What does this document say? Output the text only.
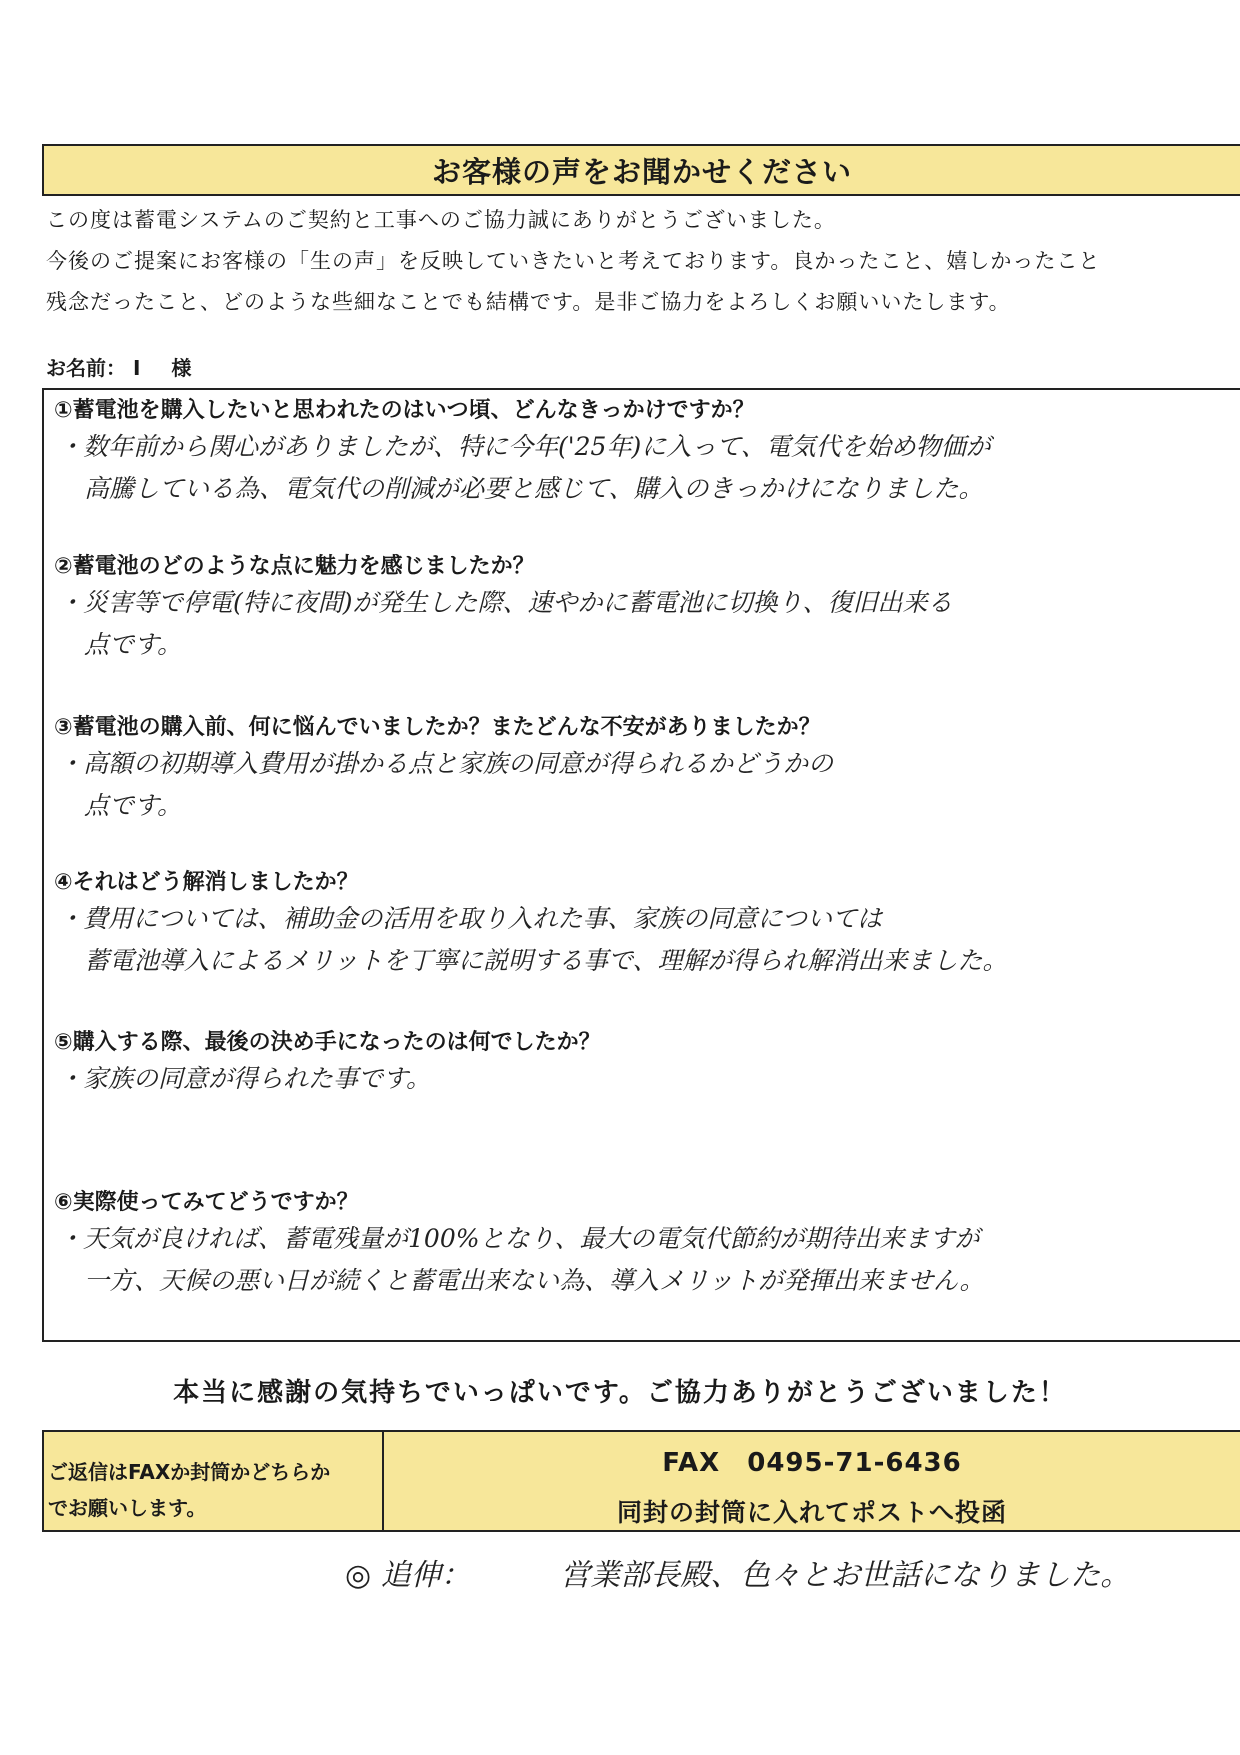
お客様の声をお聞かせください
この度は蓄電システムのご契約と工事へのご協力誠にありがとうございました。
今後のご提案にお客様の「生の声」を反映していきたいと考えております。良かったこと、嬉しかったこと
残念だったこと、どのような些細なことでも結構です。是非ご協力をよろしくお願いいたします。
お名前： I 様
①蓄電池を購入したいと思われたのはいつ頃、どんなきっかけですか？
・ 数年前から関心がありましたが、特に今年('25年)に入って、電気代を始め物価が
高騰している為、電気代の削減が必要と感じて、購入のきっかけになりました。
②蓄電池のどのような点に魅力を感じましたか？
・ 災害等で停電(特に夜間)が発生した際、速やかに蓄電池に切換り、復旧出来る
点です。
③蓄電池の購入前、何に悩んでいましたか？またどんな不安がありましたか？
・ 高額の初期導入費用が掛かる点と家族の同意が得られるかどうかの
点です。
④それはどう解消しましたか？
・ 費用については、補助金の活用を取り入れた事、家族の同意については
蓄電池導入によるメリットを丁寧に説明する事で、理解が得られ解消出来ました。
⑤購入する際、最後の決め手になったのは何でしたか？
・ 家族の同意が得られた事です。
⑥実際使ってみてどうですか？
・ 天気が良ければ、蓄電残量が100%となり、最大の電気代節約が期待出来ますが
一方、天候の悪い日が続くと蓄電出来ない為、導入メリットが発揮出来ません。
本当に感謝の気持ちでいっぱいです。ご協力ありがとうございました！
ご返信はFAXか封筒かどちらか
でお願いします。
FAX　0495-71-6436
同封の封筒に入れてポストへ投函
◎ 追伸：	営業部長殿、色々とお世話になりました。
